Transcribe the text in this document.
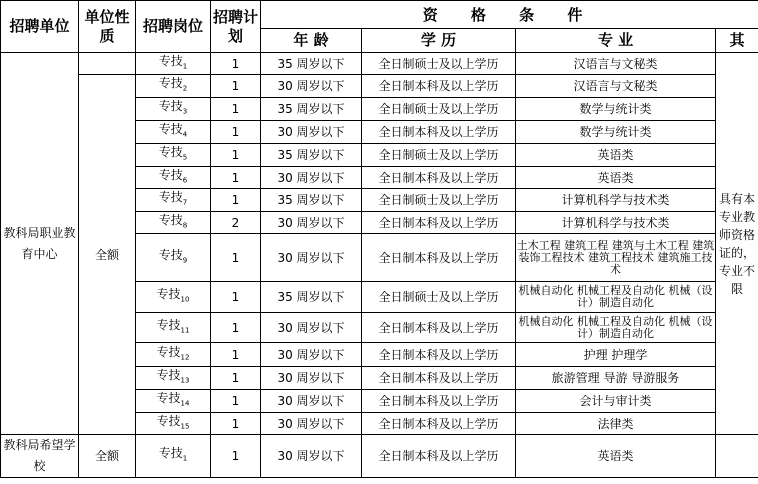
招聘单位	单位性质	招聘岗位	招聘计划	资 格 条 件			
				年 龄	学 历	专 业	其
教科局职业教育中心		专技$_1$	1	35 周岁以下	全日制硕士及以上学历	汉语言与文秘类	具有本专业教师资格证的，专业不限
	全额	专技$_2$	1	30 周岁以下	全日制本科及以上学历	汉语言与文秘类	
		专技$_3$	1	35 周岁以下	全日制硕士及以上学历	数学与统计类	
		专技$_4$	1	30 周岁以下	全日制本科及以上学历	数学与统计类	
		专技$_5$	1	35 周岁以下	全日制硕士及以上学历	英语类	
		专技$_6$	1	30 周岁以下	全日制本科及以上学历	英语类	
		专技$_7$	1	35 周岁以下	全日制硕士及以上学历	计算机科学与技术类	
		专技$_8$	2	30 周岁以下	全日制本科及以上学历	计算机科学与技术类	
		专技$_9$	1	30 周岁以下	全日制本科及以上学历	土木工程 建筑工程 建筑与土木工程 建筑装饰工程技术 建筑工程技术 建筑施工技术	
		专技$_{10}$	1	35 周岁以下	全日制硕士及以上学历	机械自动化 机械工程及自动化 机械（设计）制造自动化	
		专技$_{11}$	1	30 周岁以下	全日制本科及以上学历	机械自动化 机械工程及自动化 机械（设计）制造自动化	
		专技$_{12}$	1	30 周岁以下	全日制本科及以上学历	护理 护理学	
		专技$_{13}$	1	30 周岁以下	全日制本科及以上学历	旅游管理 导游 导游服务	
		专技$_{14}$	1	30 周岁以下	全日制本科及以上学历	会计与审计类	
		专技$_{15}$	1	30 周岁以下	全日制本科及以上学历	法律类	
教科局希望学校	全额	专技$_1$	1	30 周岁以下	全日制本科及以上学历	英语类	
